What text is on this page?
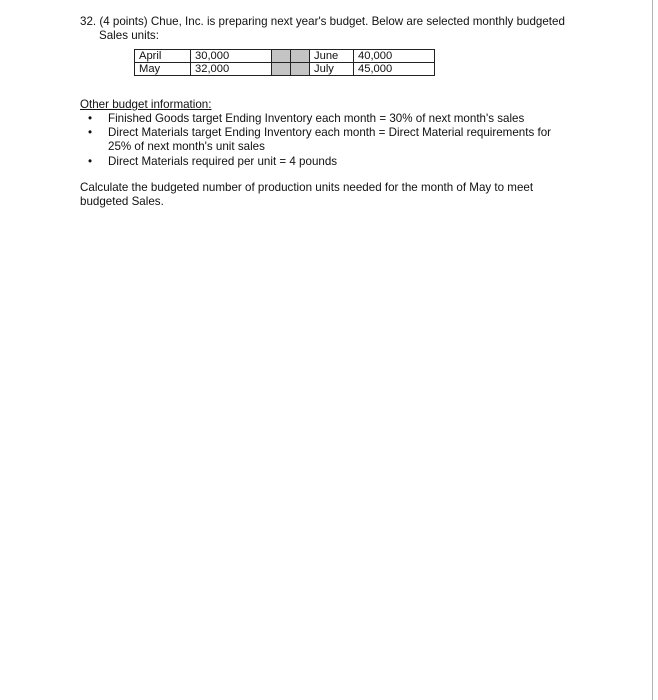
32. (4 points) Chue, Inc. is preparing next year's budget. Below are selected monthly budgeted
Sales units:
April	30,000			June	40,000
May	32,000			July	45,000
Other budget information:
• Finished Goods target Ending Inventory each month = 30% of next month's sales
• Direct Materials target Ending Inventory each month = Direct Material requirements for
25% of next month's unit sales
• Direct Materials required per unit = 4 pounds
Calculate the budgeted number of production units needed for the month of May to meet
budgeted Sales.
